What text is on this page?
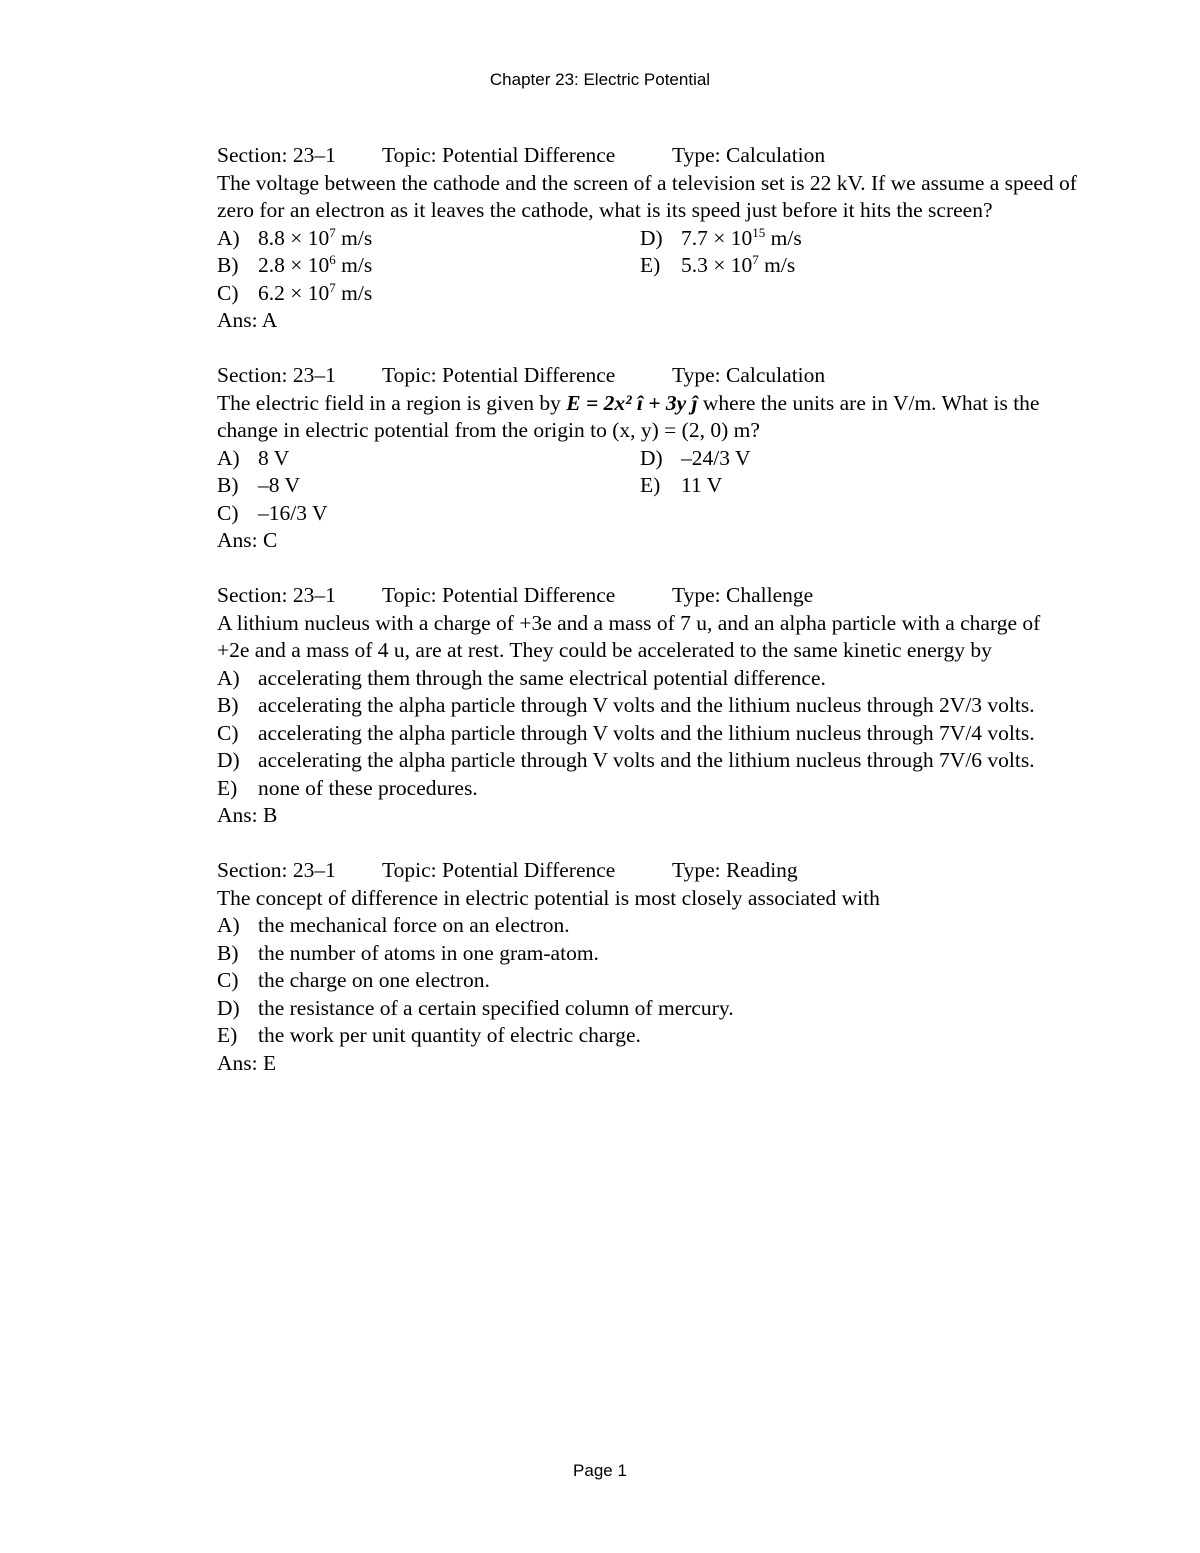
Chapter 23: Electric Potential
Section: 23–1 Topic: Potential Difference	Type: Calculation
The voltage between the cathode and the screen of a television set is 22 kV. If we assume a speed of zero for an electron as it leaves the cathode, what is its speed just before it hits the screen?
A) $8.8 \times 10^7$ m/s	D) $7.7 \times 10^{15}$ m/s
B) $2.8 \times 10^6$ m/s	E) $5.3 \times 10^7$ m/s
C) $6.2 \times 10^7$ m/s
Ans: A
Section: 23–1 Topic: Potential Difference	Type: Calculation
The electric field in a region is given by E = 2x² î + 3y ĵ where the units are in V/m. What is the change in electric potential from the origin to (x, y) = (2, 0) m?
A) 8 V	D) –24/3 V
B) –8 V	E) 11 V
C) –16/3 V
Ans: C
Section: 23–1 Topic: Potential Difference	Type: Challenge
A lithium nucleus with a charge of +3e and a mass of 7 u, and an alpha particle with a charge of +2e and a mass of 4 u, are at rest. They could be accelerated to the same kinetic energy by
A) accelerating them through the same electrical potential difference.
B) accelerating the alpha particle through V volts and the lithium nucleus through 2V/3 volts.
C) accelerating the alpha particle through V volts and the lithium nucleus through 7V/4 volts.
D) accelerating the alpha particle through V volts and the lithium nucleus through 7V/6 volts.
E) none of these procedures.
Ans: B
Section: 23–1 Topic: Potential Difference	Type: Reading
The concept of difference in electric potential is most closely associated with
A) the mechanical force on an electron.
B) the number of atoms in one gram-atom.
C) the charge on one electron.
D) the resistance of a certain specified column of mercury.
E) the work per unit quantity of electric charge.
Ans: E
Page 1
